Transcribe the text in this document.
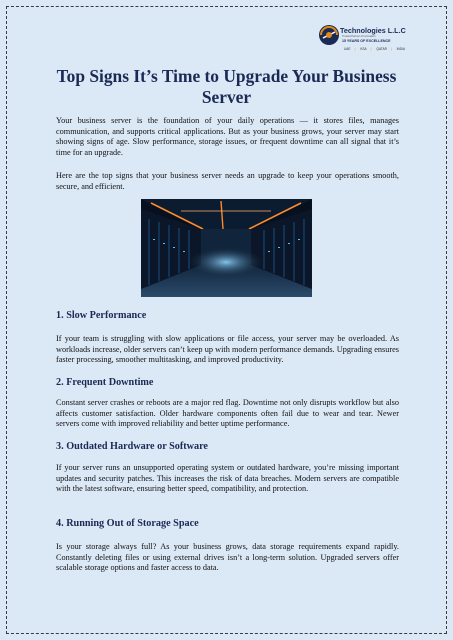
Technologies L.L.C
Trusted Partner of Innovation
15 YEARS OF EXCELLENCE
UAE | KSA | QATAR | INDIA
Top Signs It’s Time to Upgrade Your Business Server

Your business server is the foundation of your daily operations — it stores files, manages communication, and supports critical applications. But as your business grows, your server may start showing signs of age. Slow performance, storage issues, or frequent downtime can all signal that it’s time for an upgrade.

Here are the top signs that your business server needs an upgrade to keep your operations smooth, secure, and efficient.

1. Slow Performance

If your team is struggling with slow applications or file access, your server may be overloaded. As workloads increase, older servers can’t keep up with modern performance demands. Upgrading ensures faster processing, smoother multitasking, and improved productivity.

2. Frequent Downtime

Constant server crashes or reboots are a major red flag. Downtime not only disrupts workflow but also affects customer satisfaction. Older hardware components often fail due to wear and tear. Newer servers come with improved reliability and better uptime performance.

3. Outdated Hardware or Software

If your server runs an unsupported operating system or outdated hardware, you’re missing important updates and security patches. This increases the risk of data breaches. Modern servers are compatible with the latest software, ensuring better speed, compatibility, and protection.

4. Running Out of Storage Space

Is your storage always full? As your business grows, data storage requirements expand rapidly. Constantly deleting files or using external drives isn’t a long-term solution. Upgraded servers offer scalable storage options and faster access to data.
